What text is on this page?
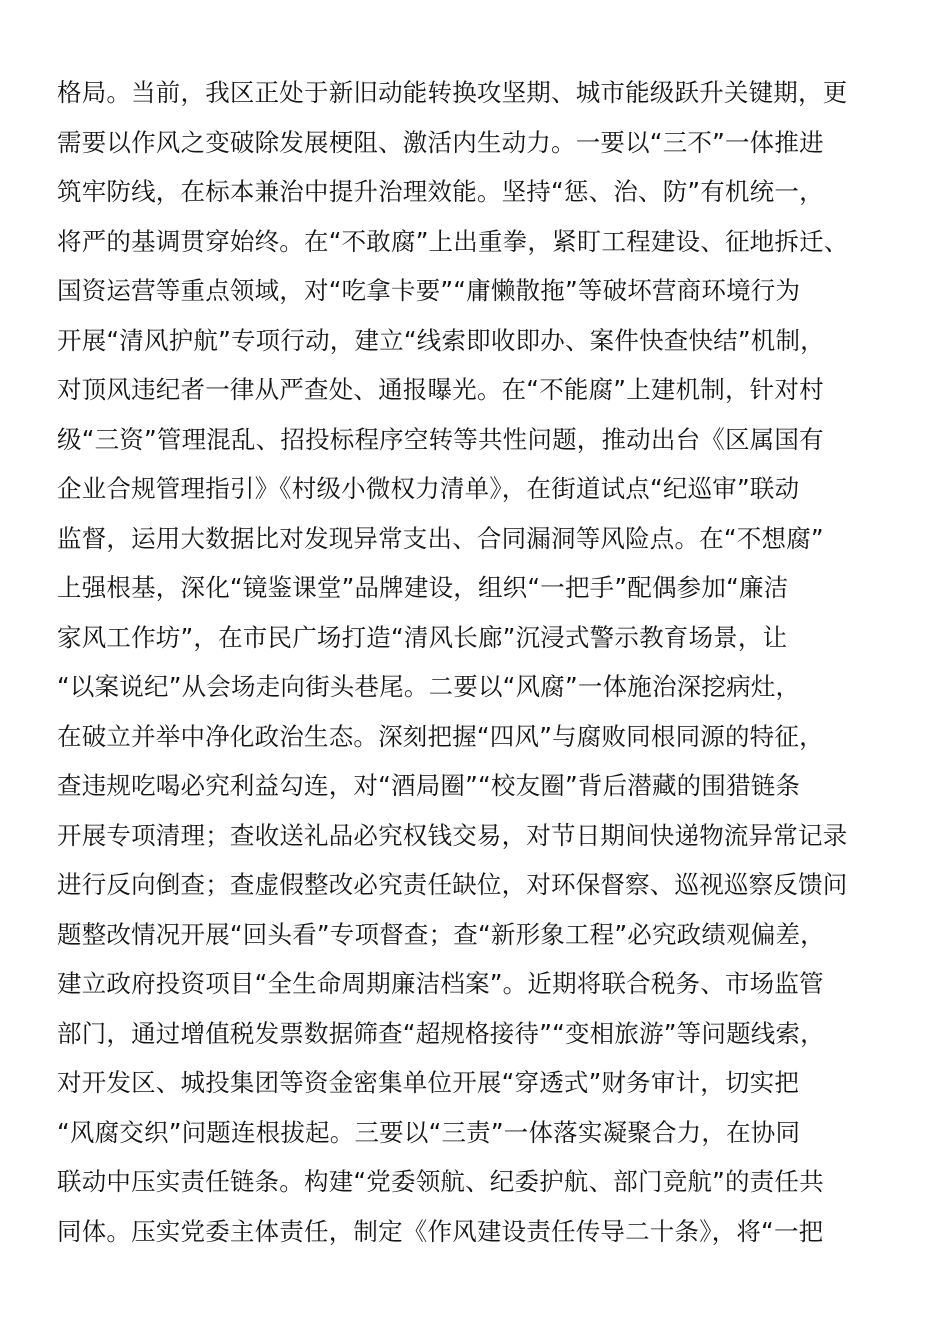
格局。当前，我区正处于新旧动能转换攻坚期、城市能级跃升关键期，更
需要以作风之变破除发展梗阻、激活内生动力。一要以“三不”一体推进
筑牢防线，在标本兼治中提升治理效能。坚持“惩、治、防”有机统一，
将严的基调贯穿始终。在“不敢腐”上出重拳，紧盯工程建设、征地拆迁、
国资运营等重点领域，对“吃拿卡要”“庸懒散拖”等破坏营商环境行为
开展“清风护航”专项行动，建立“线索即收即办、案件快查快结”机制，
对顶风违纪者一律从严查处、通报曝光。在“不能腐”上建机制，针对村
级“三资”管理混乱、招投标程序空转等共性问题，推动出台《区属国有
企业合规管理指引》《村级小微权力清单》，在街道试点“纪巡审”联动
监督，运用大数据比对发现异常支出、合同漏洞等风险点。在“不想腐”
上强根基，深化“镜鉴课堂”品牌建设，组织“一把手”配偶参加“廉洁
家风工作坊”，在市民广场打造“清风长廊”沉浸式警示教育场景，让
“以案说纪”从会场走向街头巷尾。二要以“风腐”一体施治深挖病灶，
在破立并举中净化政治生态。深刻把握“四风”与腐败同根同源的特征，
查违规吃喝必究利益勾连，对“酒局圈”“校友圈”背后潜藏的围猎链条
开展专项清理；查收送礼品必究权钱交易，对节日期间快递物流异常记录
进行反向倒查；查虚假整改必究责任缺位，对环保督察、巡视巡察反馈问
题整改情况开展“回头看”专项督查；查“新形象工程”必究政绩观偏差，
建立政府投资项目“全生命周期廉洁档案”。近期将联合税务、市场监管
部门，通过增值税发票数据筛查“超规格接待”“变相旅游”等问题线索，
对开发区、城投集团等资金密集单位开展“穿透式”财务审计，切实把
“风腐交织”问题连根拔起。三要以“三责”一体落实凝聚合力，在协同
联动中压实责任链条。构建“党委领航、纪委护航、部门竞航”的责任共
同体。压实党委主体责任，制定《作风建设责任传导二十条》，将“一把
